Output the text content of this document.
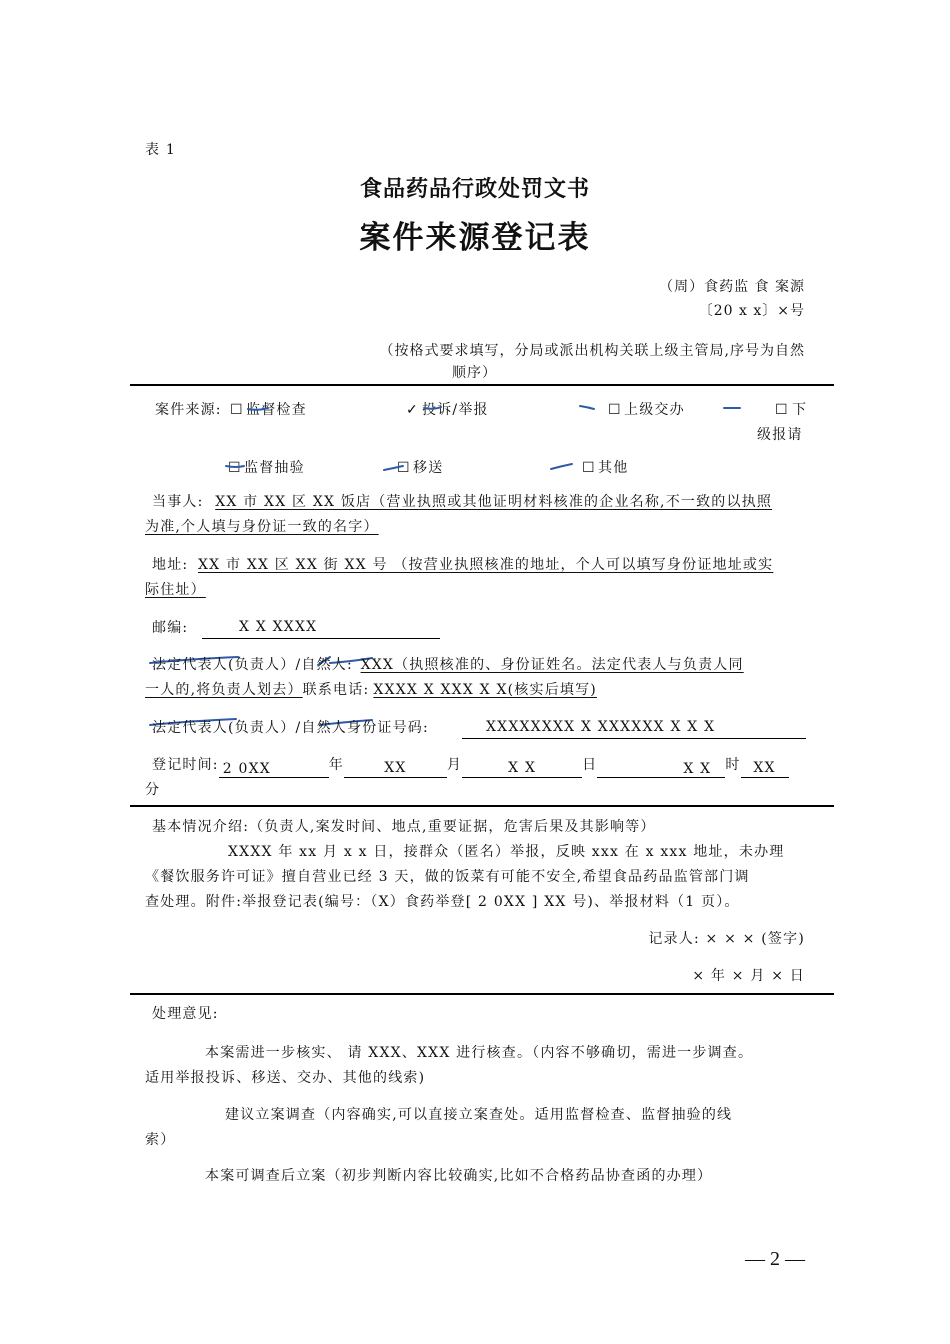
表 1
食品药品行政处罚文书
案件来源登记表
（周）食药监 食 案源
〔20 x x〕×号
（按格式要求填写，分局或派出机构关联上级主管局,序号为自然
顺序）
案件来源: ☐ 监督检查	✓ 投诉/举报	☐ 上级交办	☐ 下
级报请
☐ 监督抽验	☐ 移送	☐ 其他
当事人: XX 市 XX 区 XX 饭店（营业执照或其他证明材料核准的企业名称,不一致的以执照
为准,个人填与身份证一致的名字）
地址: XX 市 XX 区 XX 街 XX 号 （按营业执照核准的地址，个人可以填写身份证地址或实
际住址）
邮编:	X X XXXX
法定代表人(负责人）/自然人: XXX（执照核准的、身份证姓名。法定代表人与负责人同
一人的,将负责人划去）联系电话: XXXX X XXX X X(核实后填写)
法定代表人(负责人）/自然人身份证号码:	XXXXXXXX X XXXXXX X X X
登记时间: 2 0XX	年	XX	月	X X	日	X X 时 XX
分
基本情况介绍:（负责人,案发时间、地点,重要证据，危害后果及其影响等）
XXXX 年 xx 月 x x 日，接群众（匿名）举报，反映 xxx 在 x xxx 地址，未办理
《餐饮服务许可证》擅自营业已经 3 天，做的饭菜有可能不安全,希望食品药品监管部门调
查处理。附件:举报登记表(编号：（X）食药举登[ 2 0XX ] XX 号)、举报材料（1 页）。
记录人: × × × (签字)
× 年 × 月 × 日
处理意见:
本案需进一步核实、 请 XXX、XXX 进行核查。（内容不够确切，需进一步调查。
适用举报投诉、移送、交办、其他的线索)
建议立案调查（内容确实,可以直接立案查处。适用监督检查、监督抽验的线
索）
本案可调查后立案（初步判断内容比较确实,比如不合格药品协查函的办理）
— 2 —
